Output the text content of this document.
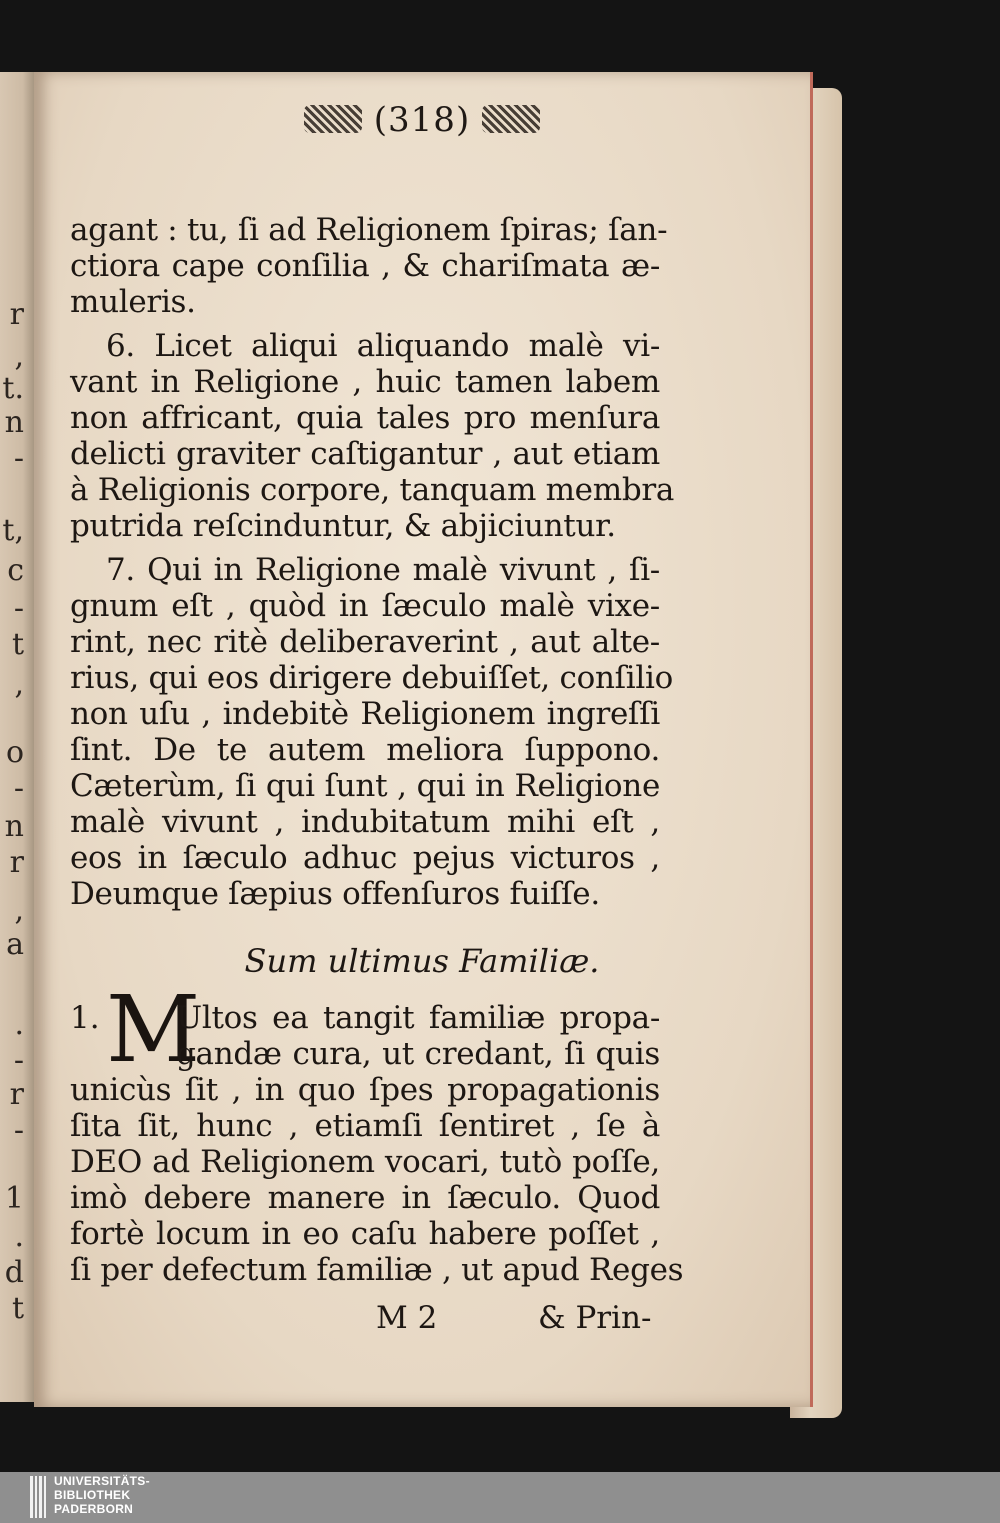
r
,
t.
n
-
t,
c
-
t
,
o
-
n
r
,
a
.
-
r
-
1
.
d
t
(318)
agant : tu, ſi ad Religionem ſpiras; ſan-
ctiora cape conſilia , & chariſmata æ-
muleris.
6. Licet aliqui aliquando malè vi-
vant in Religione , huic tamen labem
non affricant, quia tales pro menſura
delicti graviter caſtigantur , aut etiam
à Religionis corpore, tanquam membra
putrida reſcinduntur, & abjiciuntur.
7. Qui in Religione malè vivunt , ſi-
gnum eſt , quòd in ſæculo malè vixe-
rint, nec ritè deliberaverint , aut alte-
rius, qui eos dirigere debuiſſet, conſilio
non uſu , indebitè Religionem ingreſſi
ſint. De te autem meliora ſuppono.
Cæterùm, ſi qui ſunt , qui in Religione
malè vivunt , indubitatum mihi eſt ,
eos in ſæculo adhuc pejus victuros ,
Deumque ſæpius offenſuros fuiſſe.
Sum ultimus Familiæ.
1. M
Ultos ea tangit familiæ propa-
gandæ cura, ut credant, ſi quis
unicùs ſit , in quo ſpes propagationis
ſita ſit, hunc , etiamſi ſentiret , ſe à
DEO ad Religionem vocari, tutò poſſe,
imò debere manere in ſæculo. Quod
fortè locum in eo caſu habere poſſet ,
ſi per defectum familiæ , ut apud Reges
M 2	& Prin-
UNIVERSITÄTS-
BIBLIOTHEK
PADERBORN
